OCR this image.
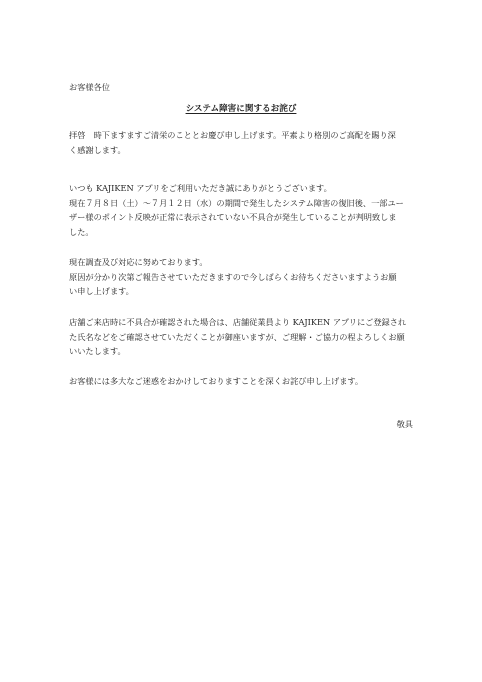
お客様各位
システム障害に関するお詫び
拝啓　時下ますますご清栄のこととお慶び申し上げます。平素より格別のご高配を賜り深
く感謝します。
いつも KAJIKEN アプリをご利用いただき誠にありがとうございます。
現在７月８日（土）～７月１２日（水）の期間で発生したシステム障害の復旧後、一部ユー
ザー様のポイント反映が正常に表示されていない不具合が発生していることが判明致しま
した。
現在調査及び対応に努めております。
原因が分かり次第ご報告させていただきますので今しばらくお待ちくださいますようお願
い申し上げます。
店舗ご来店時に不具合が確認された場合は、店舗従業員より KAJIKEN アプリにご登録され
た氏名などをご確認させていただくことが御座いますが、ご理解・ご協力の程よろしくお願
いいたします。
お客様には多大なご迷惑をおかけしておりますことを深くお詫び申し上げます。
敬具
